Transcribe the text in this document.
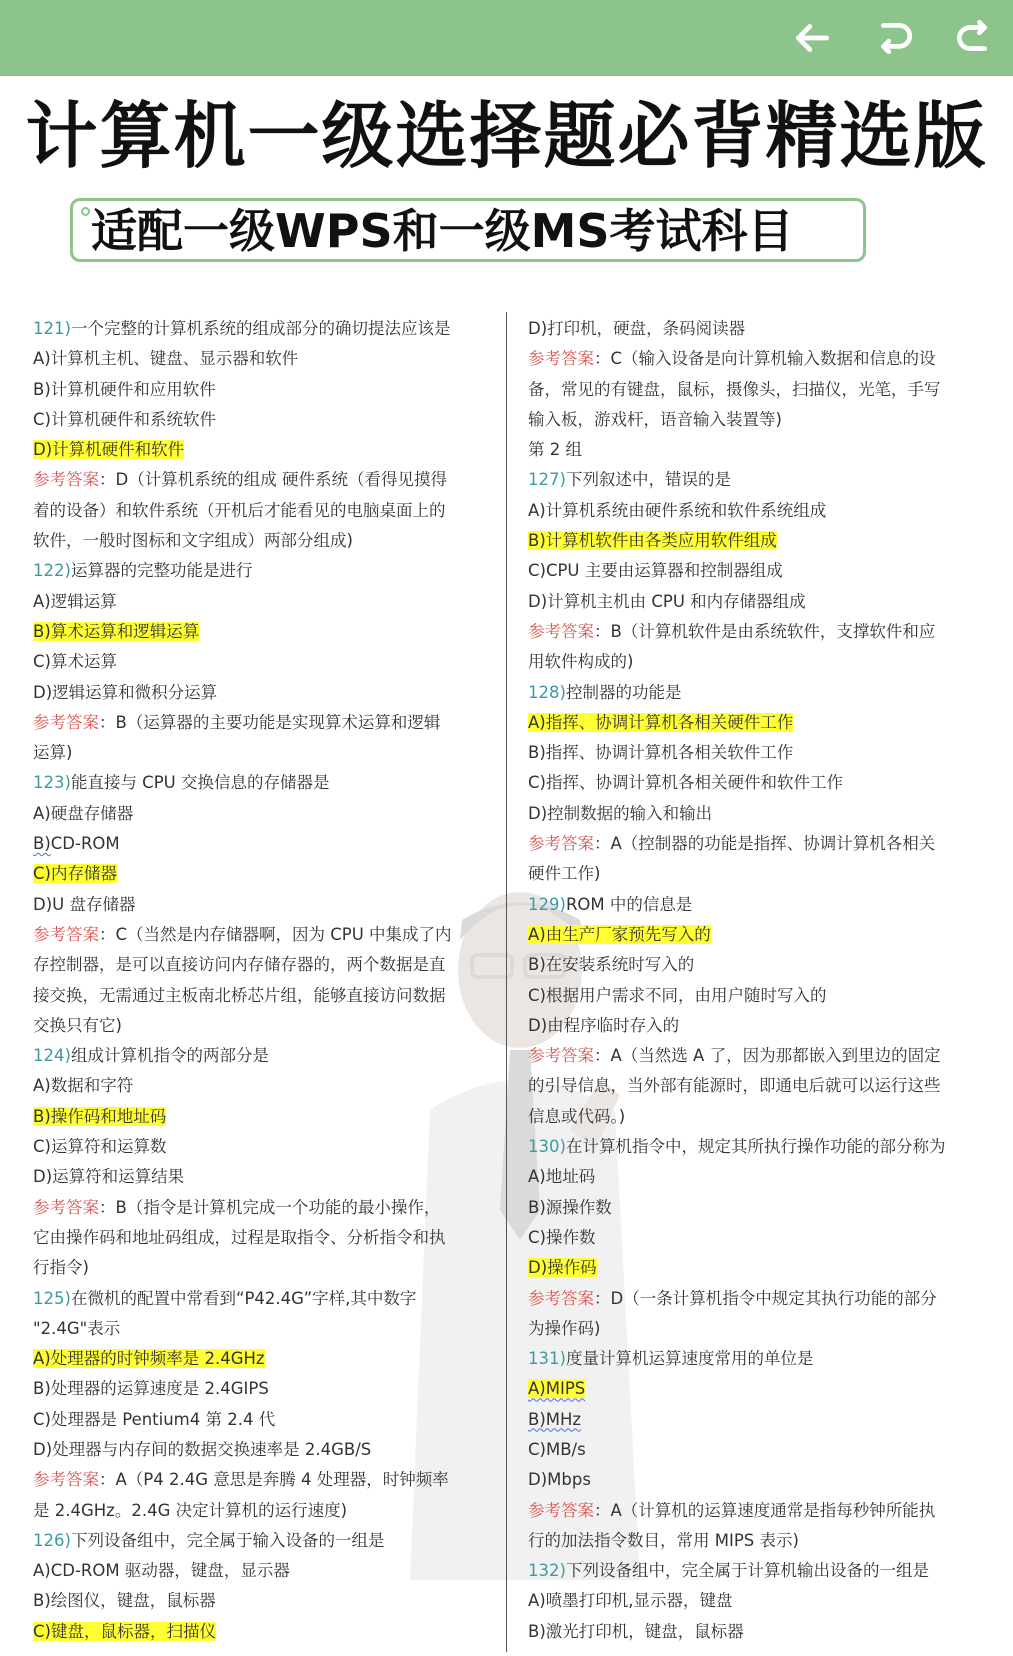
计算机一级选择题必背精选版
适配一级WPS和一级MS考试科目
121)一个完整的计算机系统的组成部分的确切提法应该是
A)计算机主机、键盘、显示器和软件
B)计算机硬件和应用软件
C)计算机硬件和系统软件
D)计算机硬件和软件
参考答案：D（计算机系统的组成 硬件系统（看得见摸得
着的设备）和软件系统（开机后才能看见的电脑桌面上的
软件，一般时图标和文字组成）两部分组成)
122)运算器的完整功能是进行
A)逻辑运算
B)算术运算和逻辑运算
C)算术运算
D)逻辑运算和微积分运算
参考答案：B（运算器的主要功能是实现算术运算和逻辑
运算)
123)能直接与 CPU 交换信息的存储器是
A)硬盘存储器
B)CD-ROM
C)内存储器
D)U 盘存储器
参考答案：C（当然是内存储器啊，因为 CPU 中集成了内
存控制器，是可以直接访问内存储存器的，两个数据是直
接交换，无需通过主板南北桥芯片组，能够直接访问数据
交换只有它)
124)组成计算机指令的两部分是
A)数据和字符
B)操作码和地址码
C)运算符和运算数
D)运算符和运算结果
参考答案：B（指令是计算机完成一个功能的最小操作，
它由操作码和地址码组成，过程是取指令、分析指令和执
行指令)
125)在微机的配置中常看到“P42.4G”字样,其中数字
"2.4G"表示
A)处理器的时钟频率是 2.4GHz
B)处理器的运算速度是 2.4GIPS
C)处理器是 Pentium4 第 2.4 代
D)处理器与内存间的数据交换速率是 2.4GB/S
参考答案：A（P4 2.4G 意思是奔腾 4 处理器，时钟频率
是 2.4GHz。2.4G 决定计算机的运行速度)
126)下列设备组中，完全属于输入设备的一组是
A)CD-ROM 驱动器，键盘，显示器
B)绘图仪，键盘，鼠标器
C)键盘，鼠标器，扫描仪
D)打印机，硬盘，条码阅读器
参考答案：C（输入设备是向计算机输入数据和信息的设
备，常见的有键盘，鼠标，摄像头，扫描仪，光笔，手写
输入板，游戏杆，语音输入装置等)
第 2 组
127)下列叙述中，错误的是
A)计算机系统由硬件系统和软件系统组成
B)计算机软件由各类应用软件组成
C)CPU 主要由运算器和控制器组成
D)计算机主机由 CPU 和内存储器组成
参考答案：B（计算机软件是由系统软件，支撑软件和应
用软件构成的)
128)控制器的功能是
A)指挥、协调计算机各相关硬件工作
B)指挥、协调计算机各相关软件工作
C)指挥、协调计算机各相关硬件和软件工作
D)控制数据的输入和输出
参考答案：A（控制器的功能是指挥、协调计算机各相关
硬件工作)
129)ROM 中的信息是
A)由生产厂家预先写入的
B)在安装系统时写入的
C)根据用户需求不同，由用户随时写入的
D)由程序临时存入的
参考答案：A（当然选 A 了，因为那都嵌入到里边的固定
的引导信息，当外部有能源时，即通电后就可以运行这些
信息或代码。)
130)在计算机指令中，规定其所执行操作功能的部分称为
A)地址码
B)源操作数
C)操作数
D)操作码
参考答案：D（一条计算机指令中规定其执行功能的部分
为操作码)
131)度量计算机运算速度常用的单位是
A)MIPS
B)MHz
C)MB/s
D)Mbps
参考答案：A（计算机的运算速度通常是指每秒钟所能执
行的加法指令数目，常用 MIPS 表示)
132)下列设备组中，完全属于计算机输出设备的一组是
A)喷墨打印机,显示器，键盘
B)激光打印机，键盘，鼠标器
